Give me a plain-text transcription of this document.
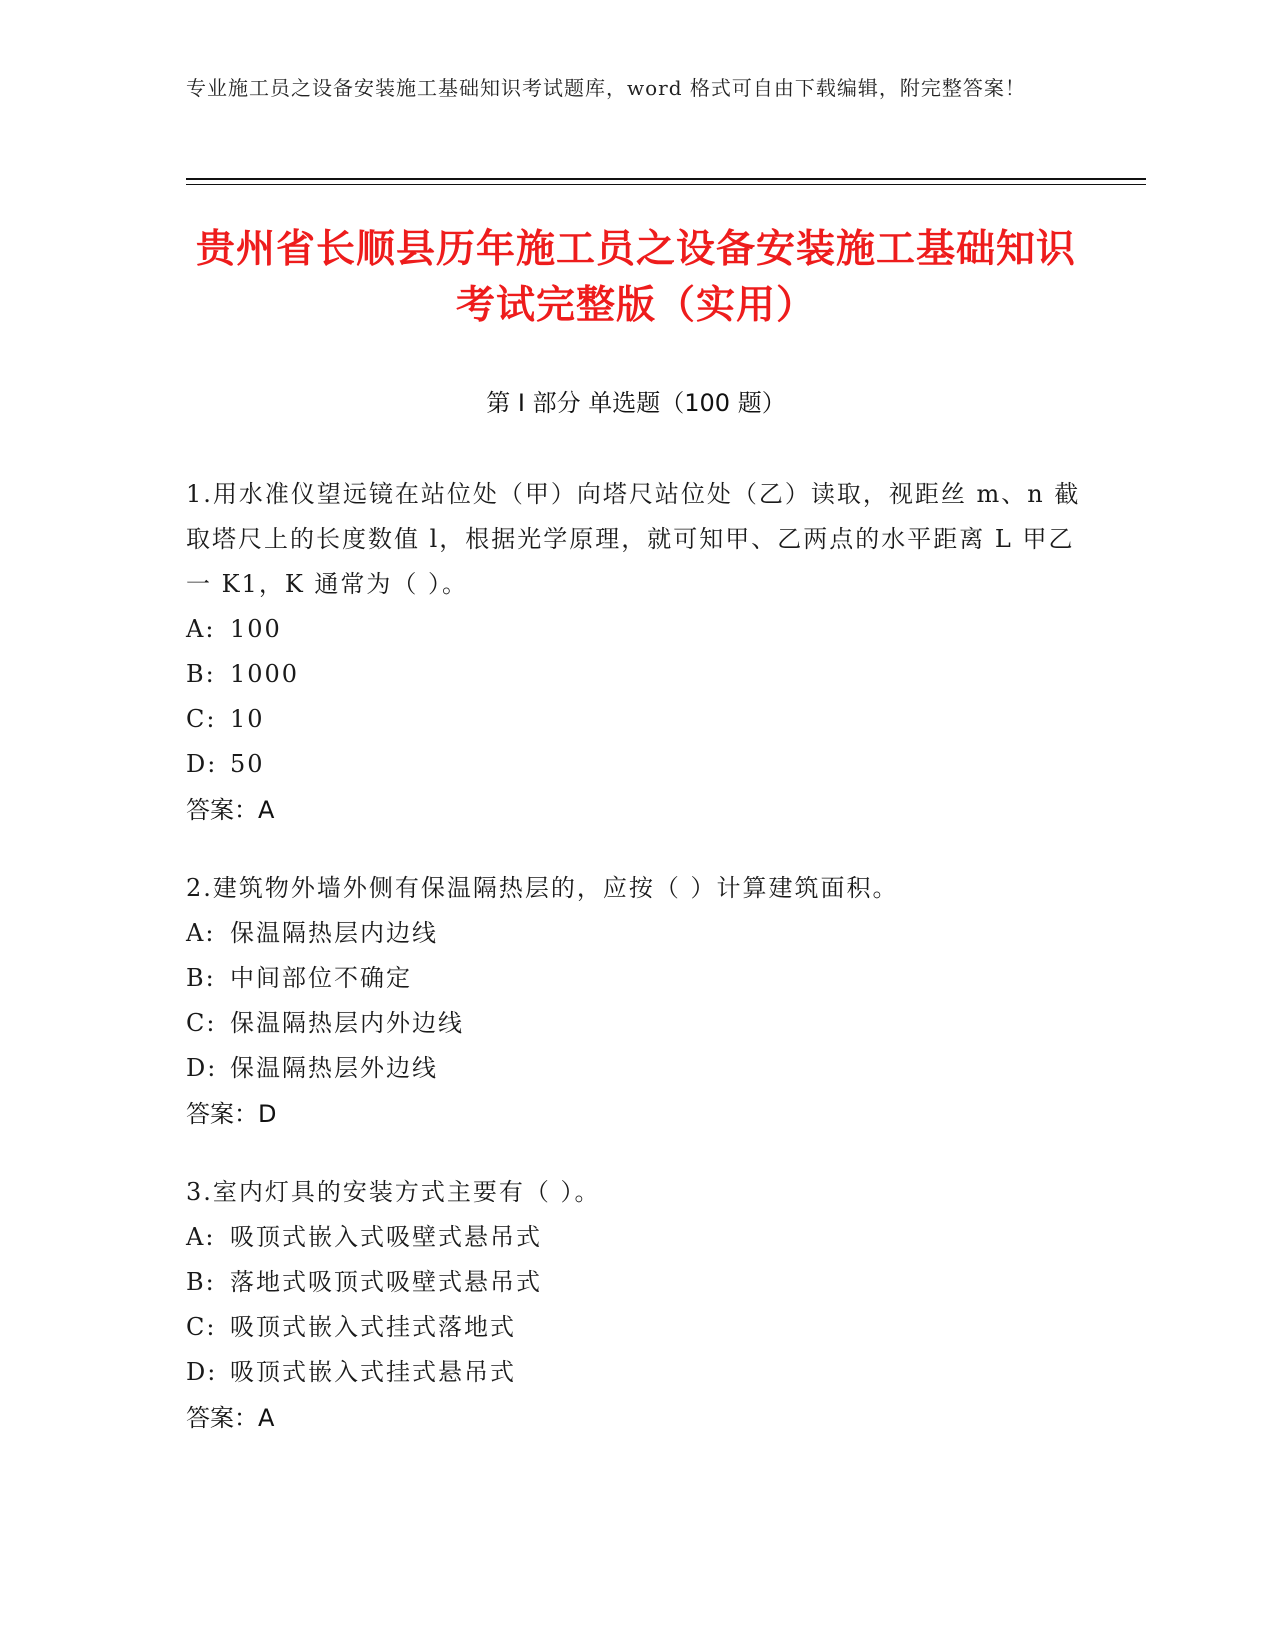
专业施工员之设备安装施工基础知识考试题库，word 格式可自由下载编辑，附完整答案！
贵州省长顺县历年施工员之设备安装施工基础知识考试完整版（实用）
第 I 部分 单选题（100 题）
1.用水准仪望远镜在站位处（甲）向塔尺站位处（乙）读取，视距丝 m、n 截取塔尺上的长度数值 l，根据光学原理，就可知甲、乙两点的水平距离 L 甲乙一 K1，K 通常为（ ）。
A: 100
B: 1000
C: 10
D: 50
答案：A
2.建筑物外墙外侧有保温隔热层的，应按（ ）计算建筑面积。
A: 保温隔热层内边线
B: 中间部位不确定
C: 保温隔热层内外边线
D: 保温隔热层外边线
答案：D
3.室内灯具的安装方式主要有（ ）。
A: 吸顶式嵌入式吸壁式悬吊式
B: 落地式吸顶式吸壁式悬吊式
C: 吸顶式嵌入式挂式落地式
D: 吸顶式嵌入式挂式悬吊式
答案：A
